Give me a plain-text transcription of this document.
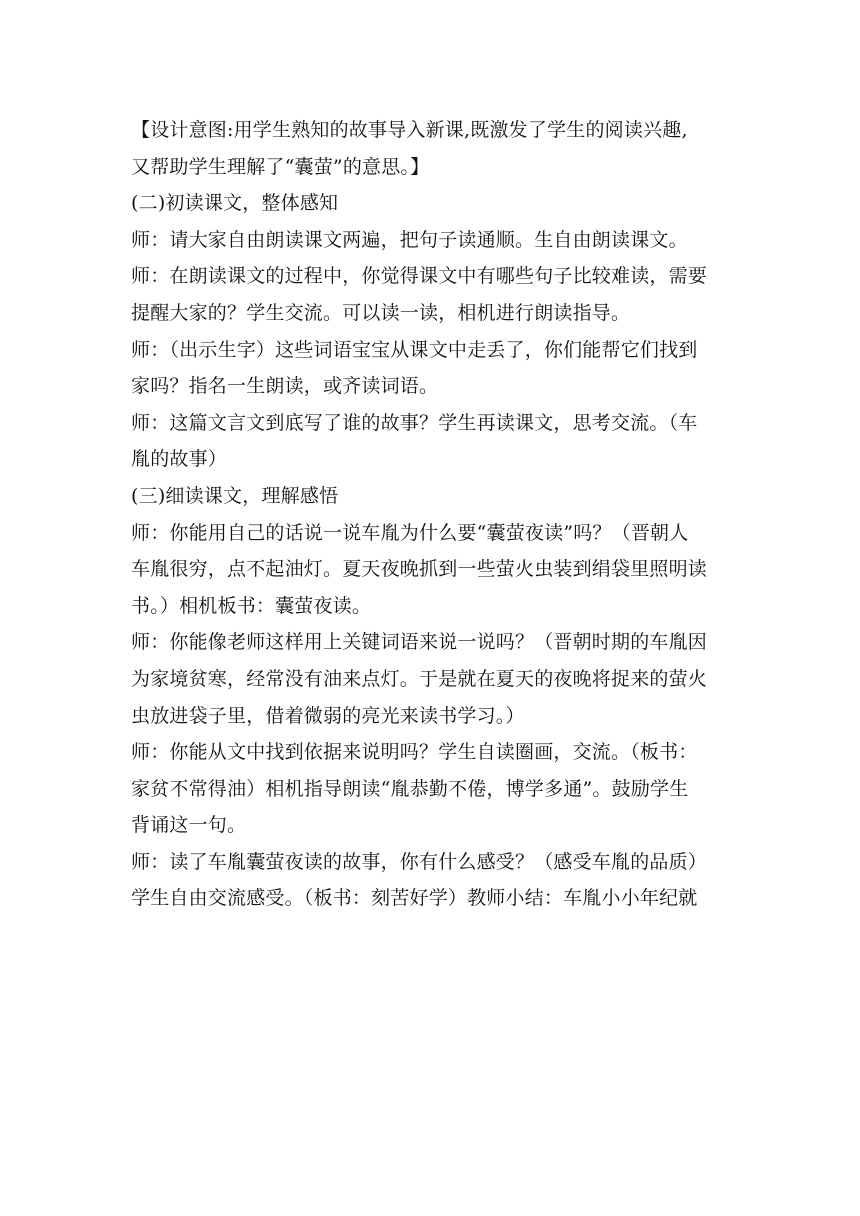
【设计意图:用学生熟知的故事导入新课,既激发了学生的阅读兴趣,
又帮助学生理解了“囊萤”的意思。】
(二)初读课文，整体感知
师：请大家自由朗读课文两遍，把句子读通顺。生自由朗读课文。
师：在朗读课文的过程中，你觉得课文中有哪些句子比较难读，需要
提醒大家的？学生交流。可以读一读，相机进行朗读指导。
师：（出示生字）这些词语宝宝从课文中走丢了，你们能帮它们找到
家吗？指名一生朗读，或齐读词语。
师：这篇文言文到底写了谁的故事？学生再读课文，思考交流。（车
胤的故事）
(三)细读课文，理解感悟
师：你能用自己的话说一说车胤为什么要“囊萤夜读”吗？（晋朝人
车胤很穷，点不起油灯。夏天夜晚抓到一些萤火虫装到绢袋里照明读
书。）相机板书：囊萤夜读。
师：你能像老师这样用上关键词语来说一说吗？（晋朝时期的车胤因
为家境贫寒，经常没有油来点灯。于是就在夏天的夜晚将捉来的萤火
虫放进袋子里，借着微弱的亮光来读书学习。）
师：你能从文中找到依据来说明吗？学生自读圈画，交流。（板书：
家贫不常得油）相机指导朗读“胤恭勤不倦，博学多通”。鼓励学生
背诵这一句。
师：读了车胤囊萤夜读的故事，你有什么感受？（感受车胤的品质）
学生自由交流感受。（板书：刻苦好学）教师小结：车胤小小年纪就
